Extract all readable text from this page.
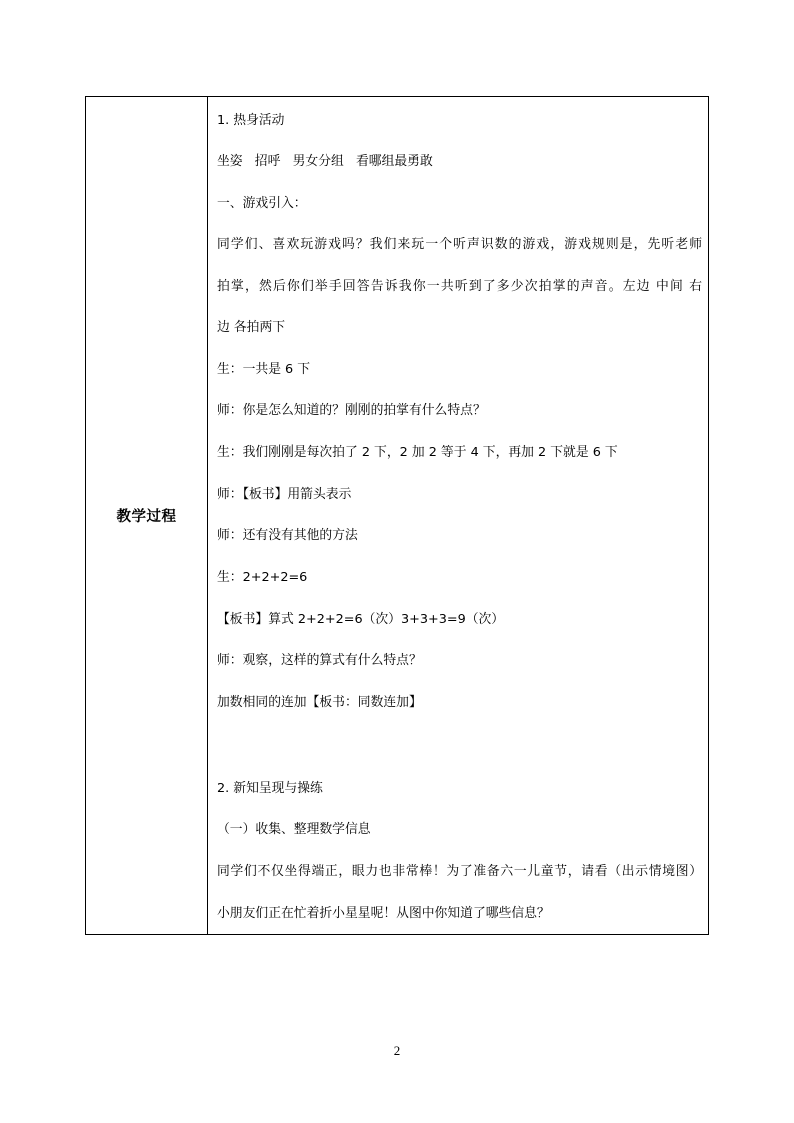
教学过程
1. 热身活动
坐姿   招呼   男女分组   看哪组最勇敢
一、游戏引入：
同学们、喜欢玩游戏吗？我们来玩一个听声识数的游戏，游戏规则是，先听老师
拍掌，然后你们举手回答告诉我你一共听到了多少次拍掌的声音。左边 中间 右
边 各拍两下
生：一共是 6 下
师：你是怎么知道的？刚刚的拍掌有什么特点？
生：我们刚刚是每次拍了 2 下，2 加 2 等于 4 下，再加 2 下就是 6 下
师：【板书】用箭头表示
师：还有没有其他的方法
生：2+2+2=6
【板书】算式 2+2+2=6（次）3+3+3=9（次）
师：观察，这样的算式有什么特点？
加数相同的连加【板书：同数连加】
2. 新知呈现与操练
（一）收集、整理数学信息
同学们不仅坐得端正，眼力也非常棒！为了准备六一儿童节，请看（出示情境图）
小朋友们正在忙着折小星星呢！从图中你知道了哪些信息？
2
